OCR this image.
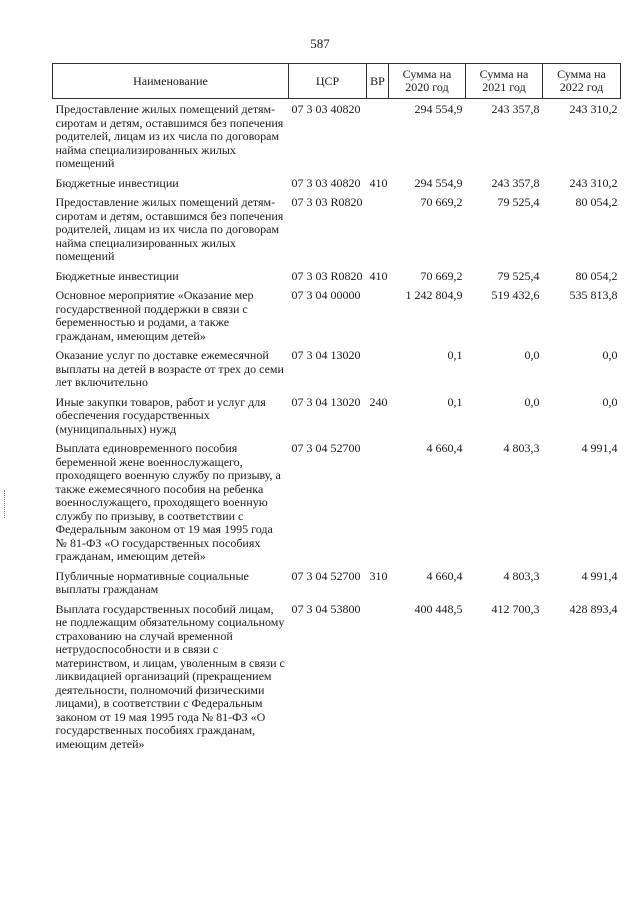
587
Наименование	ЦСР	ВР	Сумма на 2020 год	Сумма на 2021 год	Сумма на 2022 год
Предоставление жилых помещений детям-сиротам и детям, оставшимся без попечения родителей, лицам из их числа по договорам найма специализированных жилых помещений	07 3 03 40820		294 554,9	243 357,8	243 310,2
Бюджетные инвестиции	07 3 03 40820	410	294 554,9	243 357,8	243 310,2
Предоставление жилых помещений детям-сиротам и детям, оставшимся без попечения родителей, лицам из их числа по договорам найма специализированных жилых помещений	07 3 03 R0820		70 669,2	79 525,4	80 054,2
Бюджетные инвестиции	07 3 03 R0820	410	70 669,2	79 525,4	80 054,2
Основное мероприятие «Оказание мер государственной поддержки в связи с беременностью и родами, а также гражданам, имеющим детей»	07 3 04 00000		1 242 804,9	519 432,6	535 813,8
Оказание услуг по доставке ежемесячной выплаты на детей в возрасте от трех до семи лет включительно	07 3 04 13020		0,1	0,0	0,0
Иные закупки товаров, работ и услуг для обеспечения государственных (муниципальных) нужд	07 3 04 13020	240	0,1	0,0	0,0
Выплата единовременного пособия беременной жене военнослужащего, проходящего военную службу по призыву, а также ежемесячного пособия на ребенка военнослужащего, проходящего военную службу по призыву, в соответствии с Федеральным законом от 19 мая 1995 года № 81-ФЗ «О государственных пособиях гражданам, имеющим детей»	07 3 04 52700		4 660,4	4 803,3	4 991,4
Публичные нормативные социальные выплаты гражданам	07 3 04 52700	310	4 660,4	4 803,3	4 991,4
Выплата государственных пособий лицам, не подлежащим обязательному социальному страхованию на случай временной нетрудоспособности и в связи с материнством, и лицам, уволенным в связи с ликвидацией организаций (прекращением деятельности, полномочий физическими лицами), в соответствии с Федеральным законом от 19 мая 1995 года № 81-ФЗ «О государственных пособиях гражданам, имеющим детей»	07 3 04 53800		400 448,5	412 700,3	428 893,4
